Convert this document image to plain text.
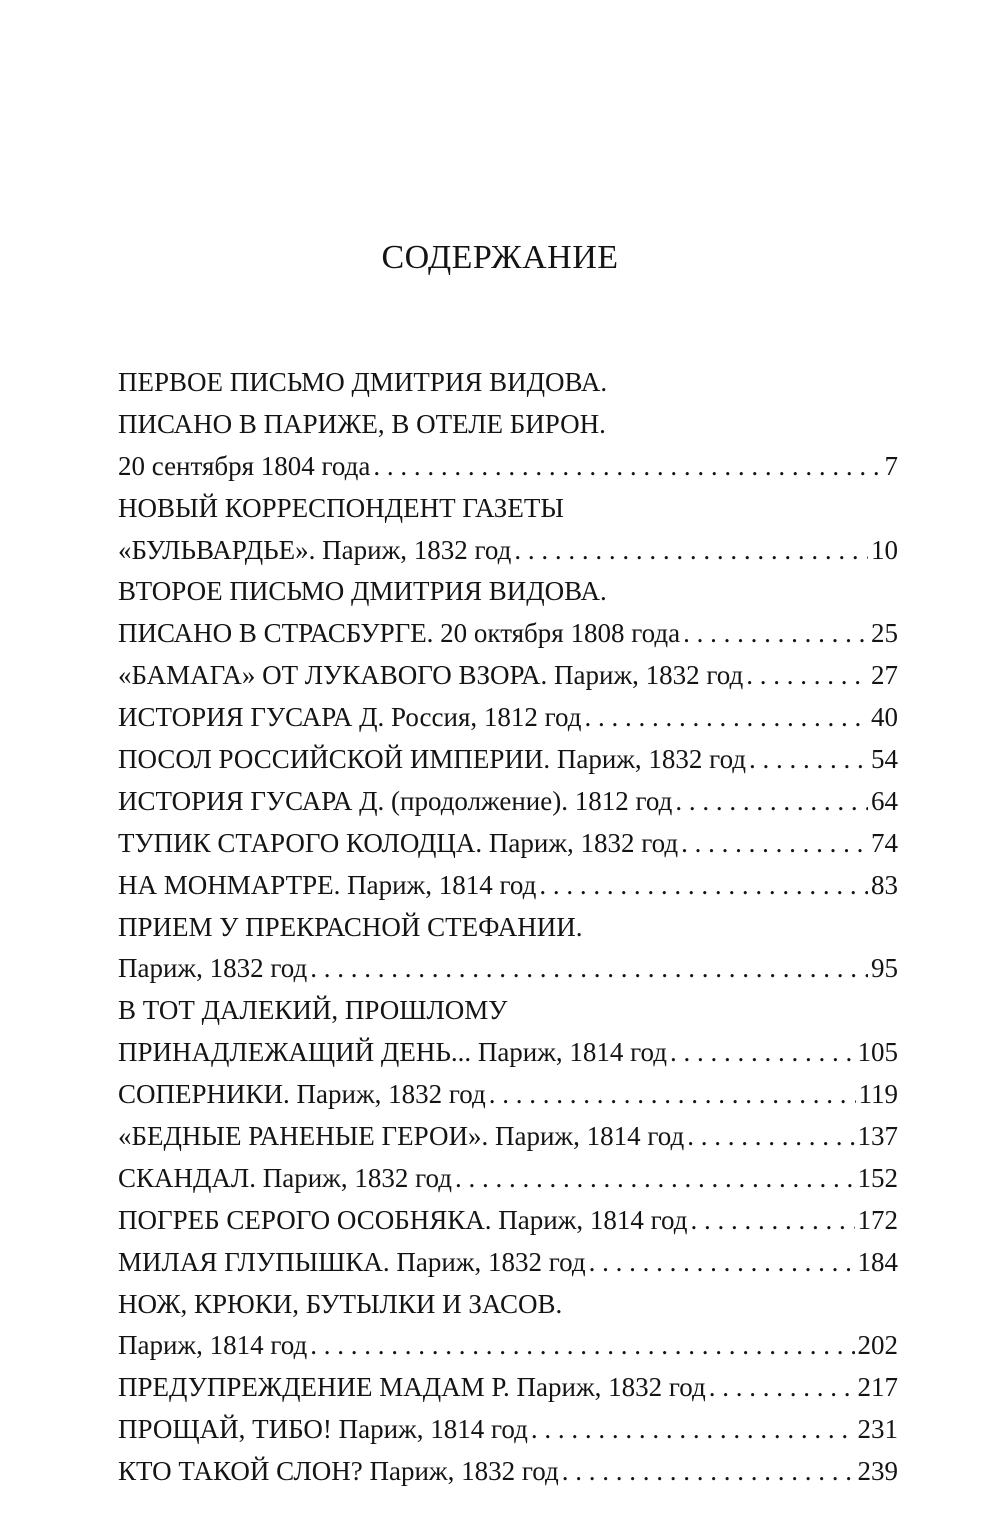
СОДЕРЖАНИЕ
ПЕРВОЕ ПИСЬМО ДМИТРИЯ ВИДОВА.
ПИСАНО В ПАРИЖЕ, В ОТЕЛЕ БИРОН.
20 сентября 1804 года . . .	7
НОВЫЙ КОРРЕСПОНДЕНТ ГАЗЕТЫ
«БУЛЬВАРДЬЕ». Париж, 1832 год . . .	10
ВТОРОЕ ПИСЬМО ДМИТРИЯ ВИДОВА.
ПИСАНО В СТРАСБУРГЕ. 20 октября 1808 года . . .	25
«БАМАГА» ОТ ЛУКАВОГО ВЗОРА. Париж, 1832 год . . .	27
ИСТОРИЯ ГУСАРА Д. Россия, 1812 год . . .	40
ПОСОЛ РОССИЙСКОЙ ИМПЕРИИ. Париж, 1832 год . . .	54
ИСТОРИЯ ГУСАРА Д. (продолжение). 1812 год . . .	64
ТУПИК СТАРОГО КОЛОДЦА. Париж, 1832 год . . .	74
НА МОНМАРТРЕ. Париж, 1814 год . . .	83
ПРИЕМ У ПРЕКРАСНОЙ СТЕФАНИИ.
Париж, 1832 год . . .	95
В ТОТ ДАЛЕКИЙ, ПРОШЛОМУ
ПРИНАДЛЕЖАЩИЙ ДЕНЬ... Париж, 1814 год . . .	105
СОПЕРНИКИ. Париж, 1832 год . . .	119
«БЕДНЫЕ РАНЕНЫЕ ГЕРОИ». Париж, 1814 год . . .	137
СКАНДАЛ. Париж, 1832 год . . .	152
ПОГРЕБ СЕРОГО ОСОБНЯКА. Париж, 1814 год . . .	172
МИЛАЯ ГЛУПЫШКА. Париж, 1832 год . . .	184
НОЖ, КРЮКИ, БУТЫЛКИ И ЗАСОВ.
Париж, 1814 год . . .	202
ПРЕДУПРЕЖДЕНИЕ МАДАМ Р. Париж, 1832 год . . .	217
ПРОЩАЙ, ТИБО! Париж, 1814 год . . .	231
КТО ТАКОЙ СЛОН? Париж, 1832 год . . .	239
